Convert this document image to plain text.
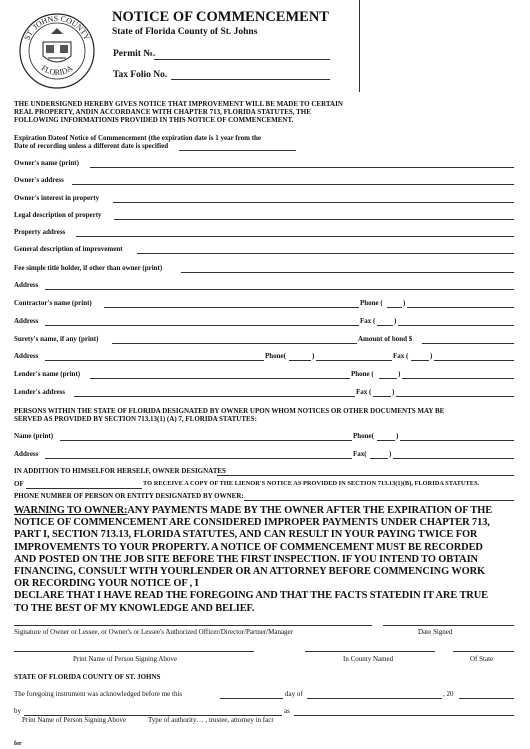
ST. JOHNS COUNTY
FLORIDA
NOTICE OF COMMENCEMENT
State of Florida County of St. Johns
Permit №.
Tax Folio No.
THE UNDERSIGNED HEREBY GIVES NOTICE THAT IMPROVEMENT WILL BE MADE TO CERTAIN
REAL PROPERTY, ANDIN ACCORDANCE WITH CHAPTER 713, FLORIDA STATUTES, THE
FOLLOWING INFORMATIONIS PROVIDED IN THIS NOTICE OF COMMENCEMENT.
Expiration Dateof Notice of Commencement (the expiration date is 1 year from the
Date of recording unless a different date is specified
Owner's name (print)
Owner's address
Owner's interest in property
Legal description of property
Property address
General description of improvement
Fee simple title holder, if other than owner (print)
Address
Contractor's name (print)	Phone (	)
Address	Fax (	)
Surety's name, if any (print)	Amount of bond $
Address	Phone(	)	Fax (	)
Lender's name (print)	Phone (	)
Lender's address	Fax (	)
PERSONS WITHIN THE STATE OF FLORIDA DESIGNATED BY OWNER UPON WHOM NOTICES OR OTHER DOCUMENTS MAY BE
SERVED AS PROVIDED BY SECTION 713.13(1) (A) 7, FLORIDA STATUTES:
Name (print)	Phone(	)
Address	Fax(	)
IN ADDITION TO HIMSELFOR HERSELF, OWNER DESIGNATES
OF	TO RECEIVE A COPY OF THE LIENOR'S NOTICE AS PROVIDED IN SECTION 713.13(1)(B), FLORIDA STATUTES.
PHONE NUMBER OF PERSON OR ENTITY DESIGNATED BY OWNER:
WARNING TO OWNER:ANY PAYMENTS MADE BY THE OWNER AFTER THE EXPIRATION OF THE
NOTICE OF COMMENCEMENT ARE CONSIDERED IMPROPER PAYMENTS UNDER CHAPTER 713,
PART I, SECTION 713.13, FLORIDA STATUTES, AND CAN RESULT IN YOUR PAYING TWICE FOR
IMPROVEMENTS TO YOUR PROPERTY. A NOTICE OF COMMENCEMENT MUST BE RECORDED
AND POSTED ON THE JOB SITE BEFORE THE FIRST INSPECTION. IF YOU INTEND TO OBTAIN
FINANCING, CONSULT WITH YOURLENDER OR AN ATTORNEY BEFORE COMMENCING WORK
OR RECORDING YOUR NOTICE OF , I
DECLARE THAT I HAVE READ THE FOREGOING AND THAT THE FACTS STATEDIN IT ARE TRUE
TO THE BEST OF MY KNOWLEDGE AND BELIEF.
Signature of Owner or Lessee, or Owner's or Lessee's Authorized Officer/Director/Partner/Manager	Date Signed
Print Name of Person Signing Above	In County Named	Of State
STATE OF FLORIDA COUNTY OF ST. JOHNS
The foregoing instrument was acknowledged before me this	day of	, 20
by	as
Print Name of Person Signing Above	Type of authority… , trustee, attorney in fact
for
